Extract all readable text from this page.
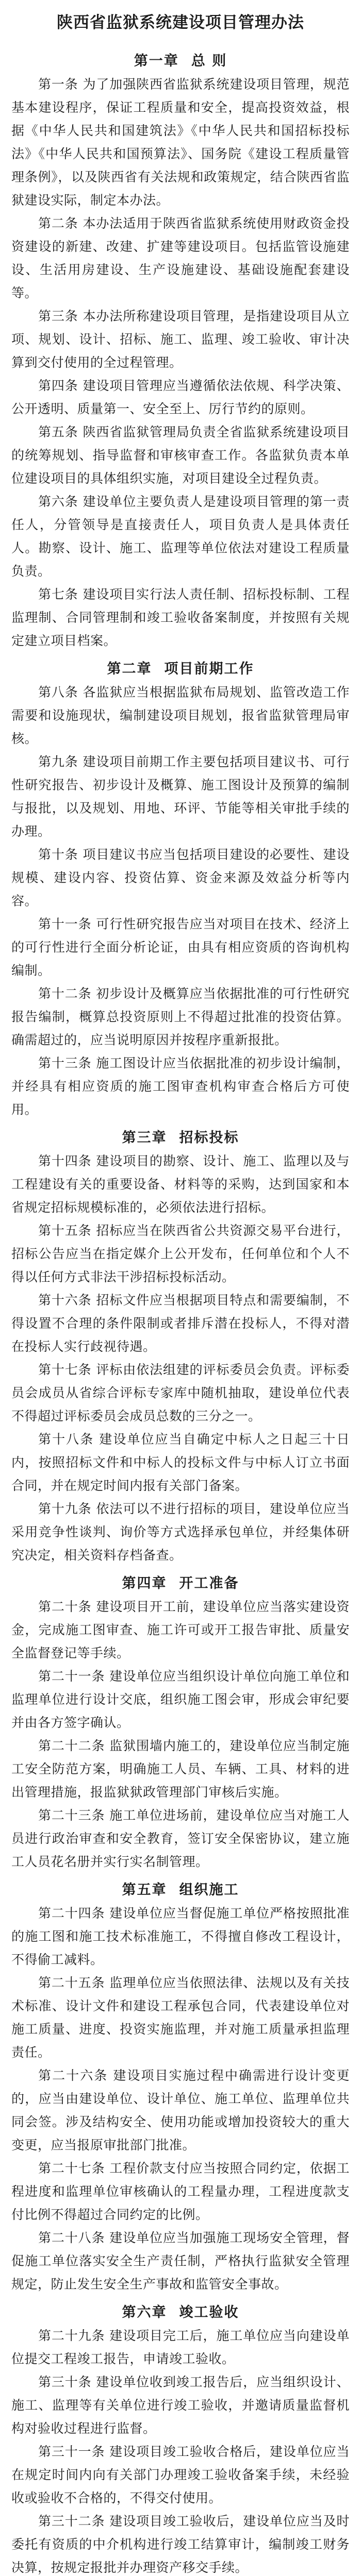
陕西省监狱系统建设项目管理办法
第一章 总 则

第一条 为了加强陕西省监狱系统建设项目管理，规范基本建设程序，保证工程质量和安全，提高投资效益，根据《中华人民共和国建筑法》《中华人民共和国招标投标法》《中华人民共和国预算法》、国务院《建设工程质量管理条例》，以及陕西省有关法规和政策规定，结合陕西省监狱建设实际，制定本办法。

第二条 本办法适用于陕西省监狱系统使用财政资金投资建设的新建、改建、扩建等建设项目。包括监管设施建设、生活用房建设、生产设施建设、基础设施配套建设等。

第三条 本办法所称建设项目管理，是指建设项目从立项、规划、设计、招标、施工、监理、竣工验收、审计决算到交付使用的全过程管理。

第四条 建设项目管理应当遵循依法依规、科学决策、公开透明、质量第一、安全至上、厉行节约的原则。

第五条 陕西省监狱管理局负责全省监狱系统建设项目的统筹规划、指导监督和审核审查工作。各监狱负责本单位建设项目的具体组织实施，对项目建设全过程负责。

第六条 建设单位主要负责人是建设项目管理的第一责任人，分管领导是直接责任人，项目负责人是具体责任人。勘察、设计、施工、监理等单位依法对建设工程质量负责。

第七条 建设项目实行法人责任制、招标投标制、工程监理制、合同管理制和竣工验收备案制度，并按照有关规定建立项目档案。

第二章 项目前期工作

第八条 各监狱应当根据监狱布局规划、监管改造工作需要和设施现状，编制建设项目规划，报省监狱管理局审核。

第九条 建设项目前期工作主要包括项目建议书、可行性研究报告、初步设计及概算、施工图设计及预算的编制与报批，以及规划、用地、环评、节能等相关审批手续的办理。

第十条 项目建议书应当包括项目建设的必要性、建设规模、建设内容、投资估算、资金来源及效益分析等内容。

第十一条 可行性研究报告应当对项目在技术、经济上的可行性进行全面分析论证，由具有相应资质的咨询机构编制。

第十二条 初步设计及概算应当依据批准的可行性研究报告编制，概算总投资原则上不得超过批准的投资估算。确需超过的，应当说明原因并按程序重新报批。

第十三条 施工图设计应当依据批准的初步设计编制，并经具有相应资质的施工图审查机构审查合格后方可使用。

第三章 招标投标

第十四条 建设项目的勘察、设计、施工、监理以及与工程建设有关的重要设备、材料等的采购，达到国家和本省规定招标规模标准的，必须依法进行招标。

第十五条 招标应当在陕西省公共资源交易平台进行，招标公告应当在指定媒介上公开发布，任何单位和个人不得以任何方式非法干涉招标投标活动。

第十六条 招标文件应当根据项目特点和需要编制，不得设置不合理的条件限制或者排斥潜在投标人，不得对潜在投标人实行歧视待遇。

第十七条 评标由依法组建的评标委员会负责。评标委员会成员从省综合评标专家库中随机抽取，建设单位代表不得超过评标委员会成员总数的三分之一。

第十八条 建设单位应当自确定中标人之日起三十日内，按照招标文件和中标人的投标文件与中标人订立书面合同，并在规定时间内报有关部门备案。

第十九条 依法可以不进行招标的项目，建设单位应当采用竞争性谈判、询价等方式选择承包单位，并经集体研究决定，相关资料存档备查。

第四章 开工准备

第二十条 建设项目开工前，建设单位应当落实建设资金，完成施工图审查、施工许可或开工报告审批、质量安全监督登记等手续。

第二十一条 建设单位应当组织设计单位向施工单位和监理单位进行设计交底，组织施工图会审，形成会审纪要并由各方签字确认。

第二十二条 监狱围墙内施工的，建设单位应当制定施工安全防范方案，明确施工人员、车辆、工具、材料的进出管理措施，报监狱狱政管理部门审核后实施。

第二十三条 施工单位进场前，建设单位应当对施工人员进行政治审查和安全教育，签订安全保密协议，建立施工人员花名册并实行实名制管理。

第五章 组织施工

第二十四条 建设单位应当督促施工单位严格按照批准的施工图和施工技术标准施工，不得擅自修改工程设计，不得偷工减料。

第二十五条 监理单位应当依照法律、法规以及有关技术标准、设计文件和建设工程承包合同，代表建设单位对施工质量、进度、投资实施监理，并对施工质量承担监理责任。

第二十六条 建设项目实施过程中确需进行设计变更的，应当由建设单位、设计单位、施工单位、监理单位共同会签。涉及结构安全、使用功能或增加投资较大的重大变更，应当报原审批部门批准。

第二十七条 工程价款支付应当按照合同约定，依据工程进度和监理单位审核确认的工程量办理，工程进度款支付比例不得超过合同约定的比例。

第二十八条 建设单位应当加强施工现场安全管理，督促施工单位落实安全生产责任制，严格执行监狱安全管理规定，防止发生安全生产事故和监管安全事故。

第六章 竣工验收

第二十九条 建设项目完工后，施工单位应当向建设单位提交工程竣工报告，申请竣工验收。

第三十条 建设单位收到竣工报告后，应当组织设计、施工、监理等有关单位进行竣工验收，并邀请质量监督机构对验收过程进行监督。

第三十一条 建设项目竣工验收合格后，建设单位应当在规定时间内向有关部门办理竣工验收备案手续，未经验收或验收不合格的，不得交付使用。

第三十二条 建设项目竣工验收后，建设单位应当及时委托有资质的中介机构进行竣工结算审计，编制竣工财务决算，按规定报批并办理资产移交手续。
